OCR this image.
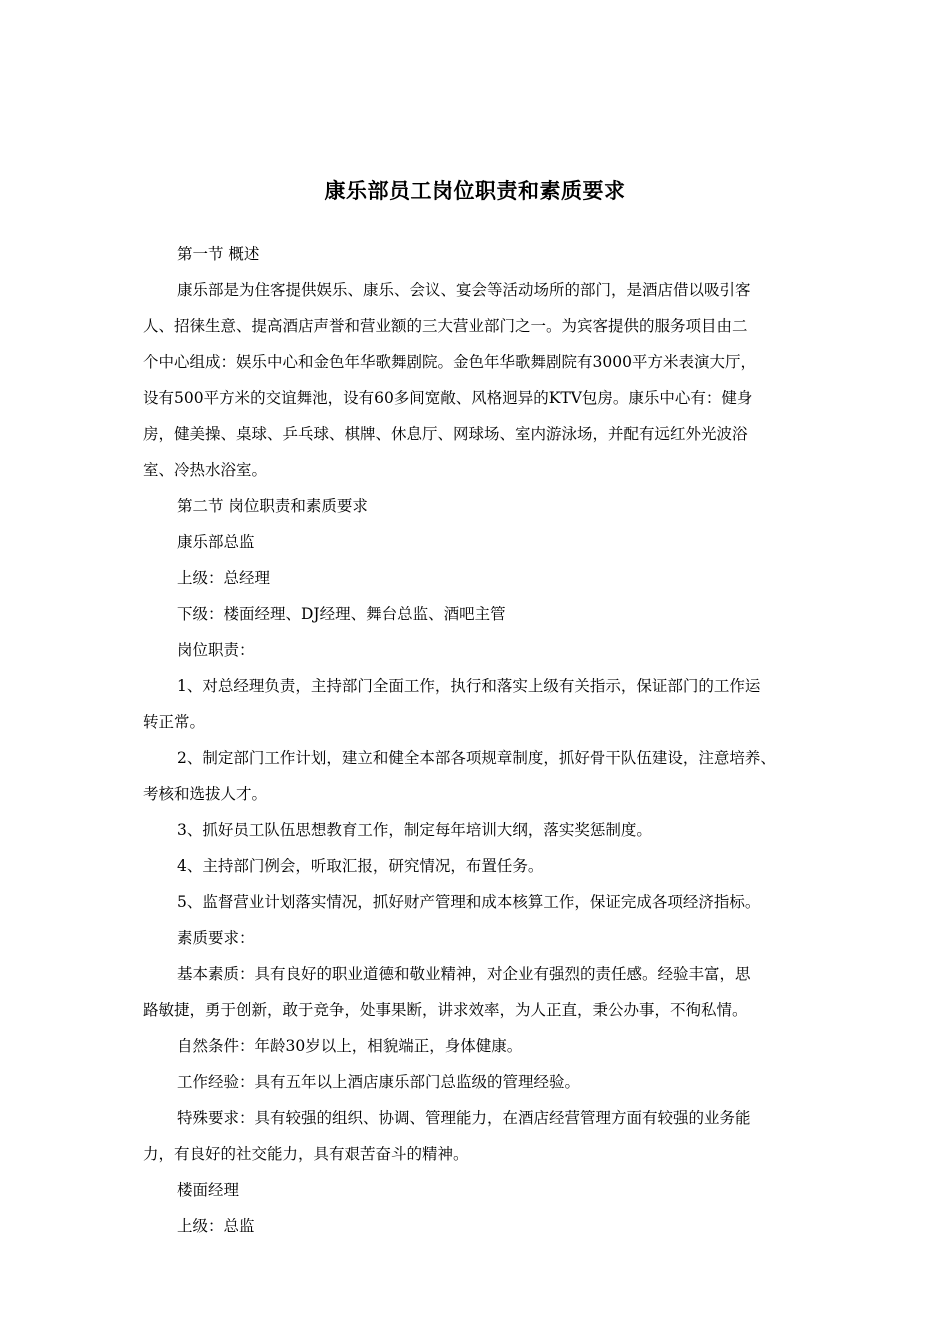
康乐部员工岗位职责和素质要求

第一节 概述

康乐部是为住客提供娱乐、康乐、会议、宴会等活动场所的部门，是酒店借以吸引客

人、招徕生意、提高酒店声誉和营业额的三大营业部门之一。为宾客提供的服务项目由二

个中心组成：娱乐中心和金色年华歌舞剧院。金色年华歌舞剧院有3000平方米表演大厅，

设有500平方米的交谊舞池，设有60多间宽敞、风格迥异的KTV包房。康乐中心有：健身

房，健美操、桌球、乒乓球、棋牌、休息厅、网球场、室内游泳场，并配有远红外光波浴

室、冷热水浴室。

第二节 岗位职责和素质要求

康乐部总监

上级：总经理

下级：楼面经理、DJ经理、舞台总监、酒吧主管

岗位职责：

1、对总经理负责，主持部门全面工作，执行和落实上级有关指示，保证部门的工作运

转正常。

2、制定部门工作计划，建立和健全本部各项规章制度，抓好骨干队伍建设，注意培养、

考核和选拔人才。

3、抓好员工队伍思想教育工作，制定每年培训大纲，落实奖惩制度。

4、主持部门例会，听取汇报，研究情况，布置任务。

5、监督营业计划落实情况，抓好财产管理和成本核算工作，保证完成各项经济指标。

素质要求：

基本素质：具有良好的职业道德和敬业精神，对企业有强烈的责任感。经验丰富，思

路敏捷，勇于创新，敢于竞争，处事果断，讲求效率，为人正直，秉公办事，不徇私情。

自然条件：年龄30岁以上，相貌端正，身体健康。

工作经验：具有五年以上酒店康乐部门总监级的管理经验。

特殊要求：具有较强的组织、协调、管理能力，在酒店经营管理方面有较强的业务能

力，有良好的社交能力，具有艰苦奋斗的精神。

楼面经理

上级：总监
